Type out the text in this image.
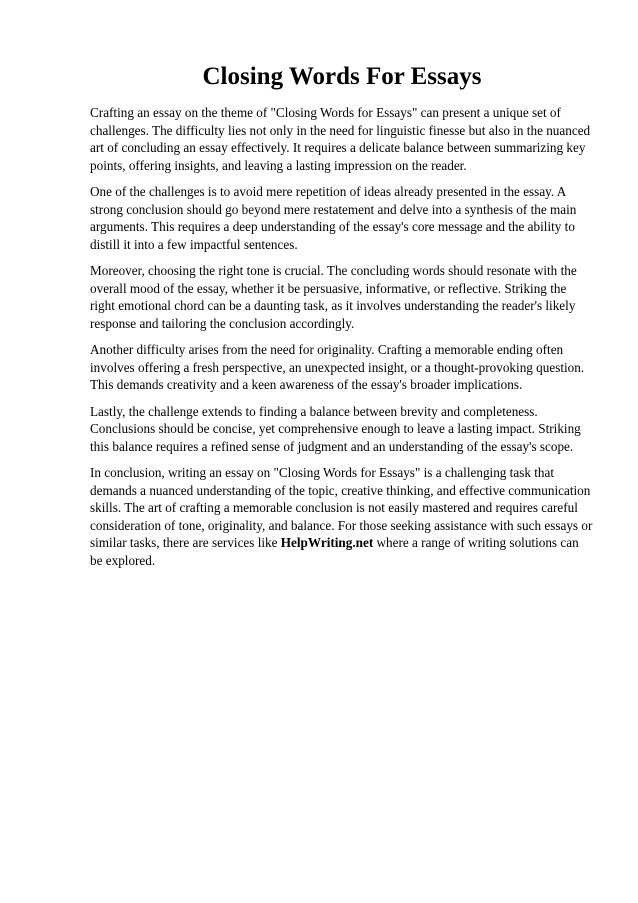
Closing Words For Essays

Crafting an essay on the theme of "Closing Words for Essays" can present a unique set of challenges. The difficulty lies not only in the need for linguistic finesse but also in the nuanced art of concluding an essay effectively. It requires a delicate balance between summarizing key points, offering insights, and leaving a lasting impression on the reader.

One of the challenges is to avoid mere repetition of ideas already presented in the essay. A strong conclusion should go beyond mere restatement and delve into a synthesis of the main arguments. This requires a deep understanding of the essay's core message and the ability to distill it into a few impactful sentences.

Moreover, choosing the right tone is crucial. The concluding words should resonate with the overall mood of the essay, whether it be persuasive, informative, or reflective. Striking the right emotional chord can be a daunting task, as it involves understanding the reader's likely response and tailoring the conclusion accordingly.

Another difficulty arises from the need for originality. Crafting a memorable ending often involves offering a fresh perspective, an unexpected insight, or a thought-provoking question. This demands creativity and a keen awareness of the essay's broader implications.

Lastly, the challenge extends to finding a balance between brevity and completeness. Conclusions should be concise, yet comprehensive enough to leave a lasting impact. Striking this balance requires a refined sense of judgment and an understanding of the essay's scope.

In conclusion, writing an essay on "Closing Words for Essays" is a challenging task that demands a nuanced understanding of the topic, creative thinking, and effective communication skills. The art of crafting a memorable conclusion is not easily mastered and requires careful consideration of tone, originality, and balance. For those seeking assistance with such essays or similar tasks, there are services like HelpWriting.net where a range of writing solutions can be explored.
